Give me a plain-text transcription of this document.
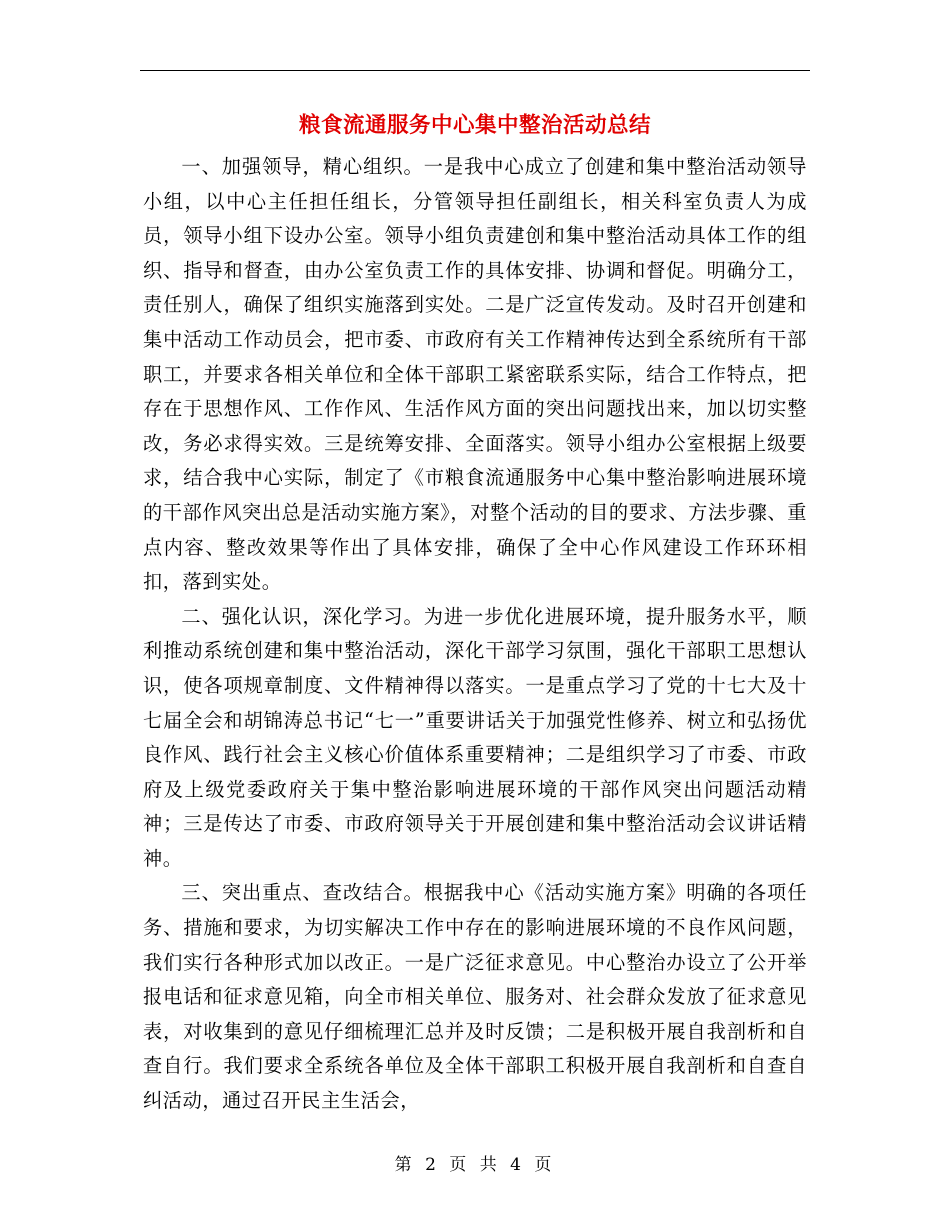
粮食流通服务中心集中整治活动总结

一、加强领导，精心组织。一是我中心成立了创建和集中整治活动领导小组，以中心主任担任组长，分管领导担任副组长，相关科室负责人为成员，领导小组下设办公室。领导小组负责建创和集中整治活动具体工作的组织、指导和督查，由办公室负责工作的具体安排、协调和督促。明确分工，责任别人，确保了组织实施落到实处。二是广泛宣传发动。及时召开创建和集中活动工作动员会，把市委、市政府有关工作精神传达到全系统所有干部职工，并要求各相关单位和全体干部职工紧密联系实际，结合工作特点，把存在于思想作风、工作作风、生活作风方面的突出问题找出来，加以切实整改，务必求得实效。三是统筹安排、全面落实。领导小组办公室根据上级要求，结合我中心实际，制定了《市粮食流通服务中心集中整治影响进展环境的干部作风突出总是活动实施方案》，对整个活动的目的要求、方法步骤、重点内容、整改效果等作出了具体安排，确保了全中心作风建设工作环环相扣，落到实处。

二、强化认识，深化学习。为进一步优化进展环境，提升服务水平，顺利推动系统创建和集中整治活动，深化干部学习氛围，强化干部职工思想认识，使各项规章制度、文件精神得以落实。一是重点学习了党的十七大及十七届全会和胡锦涛总书记“七一”重要讲话关于加强党性修养、树立和弘扬优良作风、践行社会主义核心价值体系重要精神；二是组织学习了市委、市政府及上级党委政府关于集中整治影响进展环境的干部作风突出问题活动精神；三是传达了市委、市政府领导关于开展创建和集中整治活动会议讲话精神。

三、突出重点、查改结合。根据我中心《活动实施方案》明确的各项任务、措施和要求，为切实解决工作中存在的影响进展环境的不良作风问题，我们实行各种形式加以改正。一是广泛征求意见。中心整治办设立了公开举报电话和征求意见箱，向全市相关单位、服务对、社会群众发放了征求意见表，对收集到的意见仔细梳理汇总并及时反馈；二是积极开展自我剖析和自查自行。我们要求全系统各单位及全体干部职工积极开展自我剖析和自查自纠活动，通过召开民主生活会，

第 2 页 共 4 页
